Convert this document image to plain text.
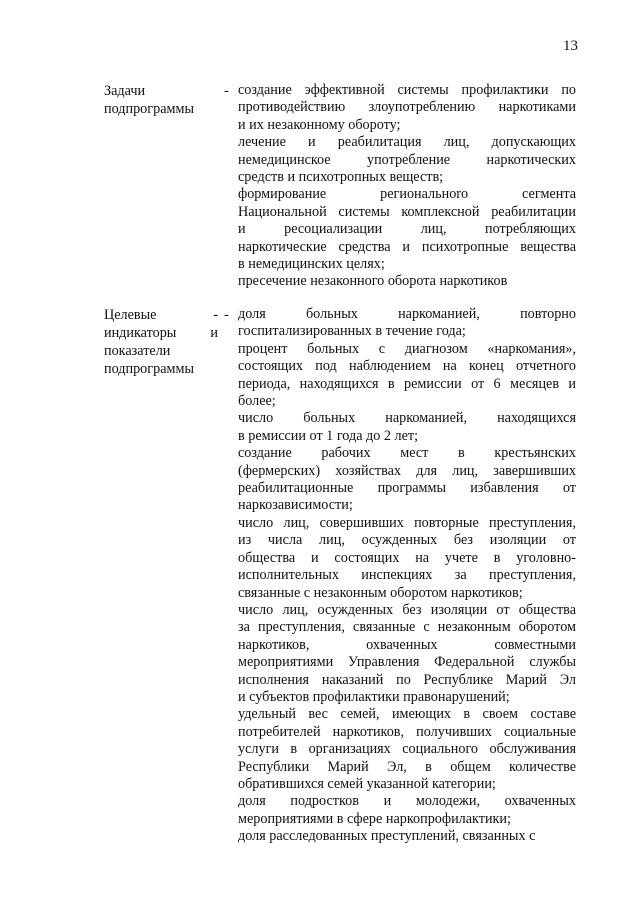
13
Задачи
подпрограммы
- создание эффективной системы профилактики по
противодействию злоупотреблению наркотиками
и их незаконному обороту;
лечение и реабилитация лиц, допускающих
немедицинское употребление наркотических
средств и психотропных веществ;
формирование региональноro сегмента
Национальной системы комплексной реабилитации
и ресоциализации лиц, потребляющих
наркотические средства и психотропные вещества
в немедицинских целях;
пресечение незаконного оборота наркотиков
Целевые	-
индикаторы и
показатели
подпрограммы
- доля больных наркоманией, повторно
госпитализированных в течение года;
процент больных с диагнозом «наркомания»,
состоящих под наблюдением на конец отчетного
периода, находящихся в ремиссии от 6 месяцев и
более;
число больных наркоманией, находящихся
в ремиссии от 1 года до 2 лет;
создание рабочих мест в крестьянских
(фермерских) хозяйствах для лиц, завершивших
реабилитационные программы избавления от
наркозависимости;
число лиц, совершивших повторные преступления,
из числа лиц, осужденных без изоляции от
общества и состоящих на учете в уголовно-
исполнительных инспекциях за преступления,
связанные с незаконным оборотом наркотиков;
число лиц, осужденных без изоляции от общества
за преступления, связанные с незаконным оборотом
наркотиков, охваченных совместными
мероприятиями Управления Федеральной службы
исполнения наказаний по Республике Марий Эл
и субъектов профилактики правонарушений;
удельный вес семей, имеющих в своем составе
потребителей наркотиков, получивших социальные
услуги в организациях социального обслуживания
Республики Марий Эл, в общем количестве
обратившихся семей указанной категории;
доля подростков и молодежи, охваченных
мероприятиями в сфере наркопрофилактики;
доля расследованных преступлений, связанных с
